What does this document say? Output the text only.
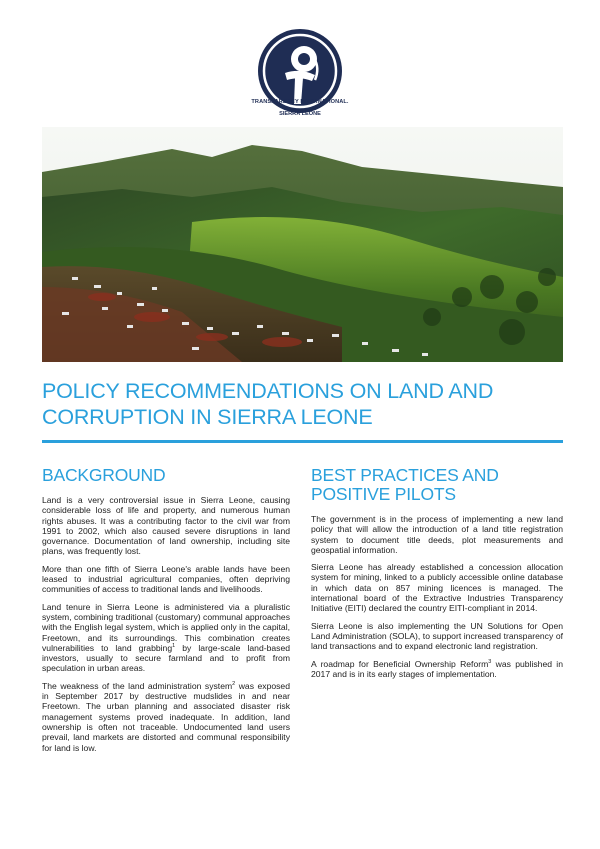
TRANSPARENCY INTERNATIONAL.
SIERRA LEONE
POLICY RECOMMENDATIONS ON LAND AND CORRUPTION IN SIERRA LEONE
BACKGROUND

Land is a very controversial issue in Sierra Leone, causing considerable loss of life and property, and numerous human rights abuses. It was a contributing factor to the civil war from 1991 to 2002, which also caused severe disruptions in land governance. Documentation of land ownership, including site plans, was frequently lost.

More than one fifth of Sierra Leone's arable lands have been leased to industrial agricultural companies, often depriving communities of access to traditional lands and livelihoods.

Land tenure in Sierra Leone is administered via a pluralistic system, combining traditional (customary) communal approaches with the English legal system, which is applied only in the capital, Freetown, and its surroundings. This combination creates vulnerabilities to land grabbing$^1$ by large-scale land-based investors, usually to secure farmland and to profit from speculation in urban areas.

The weakness of the land administration system$^2$ was exposed in September 2017 by destructive mudslides in and near Freetown. The urban planning and associated disaster risk management systems proved inadequate. In addition, land ownership is often not traceable. Undocumented land users prevail, land markets are distorted and communal responsibility for land is low.

BEST PRACTICES AND POSITIVE PILOTS

The government is in the process of implementing a new land policy that will allow the introduction of a land title registration system to document title deeds, plot measurements and geospatial information.

Sierra Leone has already established a concession allocation system for mining, linked to a publicly accessible online database in which data on 857 mining licences is managed. The international board of the Extractive Industries Transparency Initiative (EITI) declared the country EITI-compliant in 2014.

Sierra Leone is also implementing the UN Solutions for Open Land Administration (SOLA), to support increased transparency of land transactions and to expand electronic land registration.

A roadmap for Beneficial Ownership Reform$^3$ was published in 2017 and is in its early stages of implementation.
